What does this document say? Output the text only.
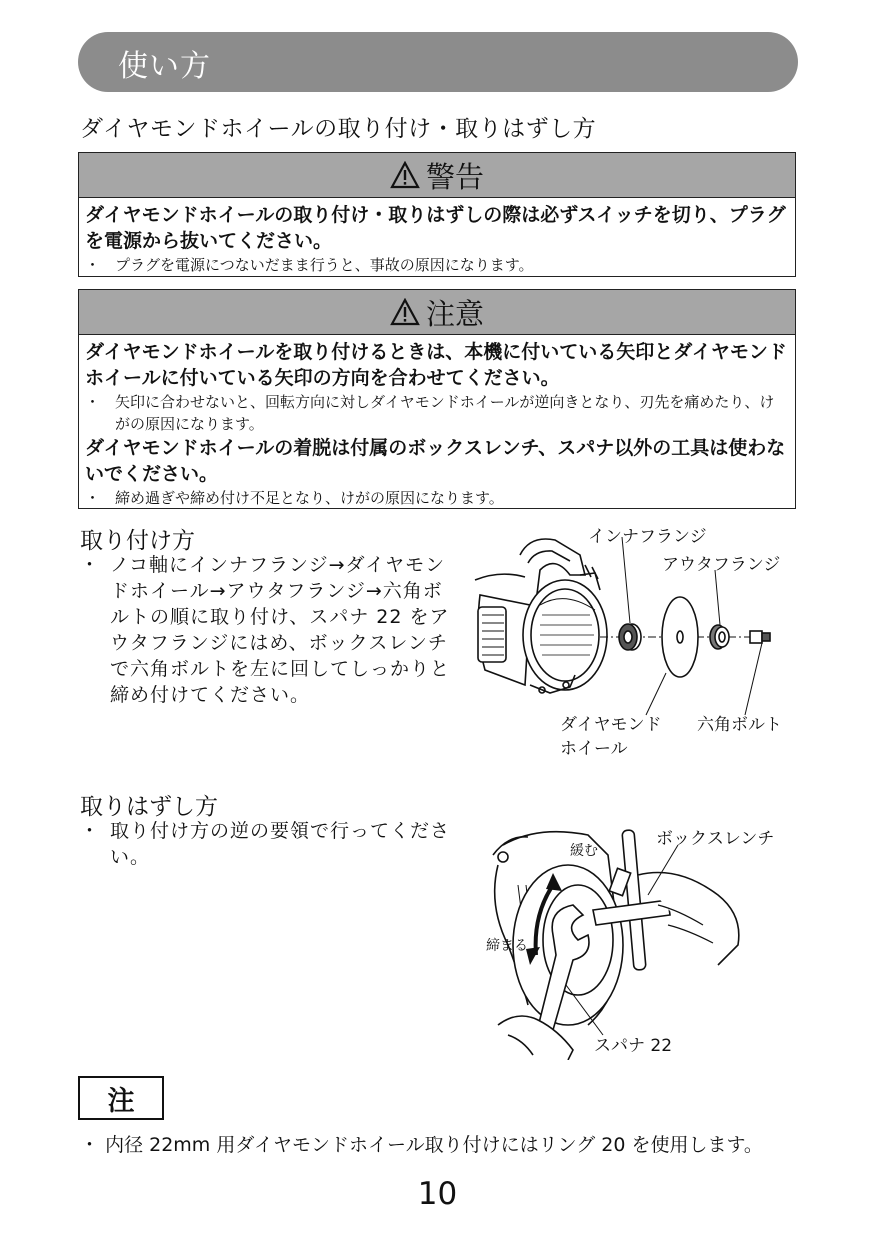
使い方
ダイヤモンドホイールの取り付け・取りはずし方
警告
ダイヤモンドホイールの取り付け・取りはずしの際は必ずスイッチを切り、プラグを電源から抜いてください。
・ プラグを電源につないだまま行うと、事故の原因になります。
注意
ダイヤモンドホイールを取り付けるときは、本機に付いている矢印とダイヤモンドホイールに付いている矢印の方向を合わせてください。
・ 矢印に合わせないと、回転方向に対しダイヤモンドホイールが逆向きとなり、刃先を痛めたり、けがの原因になります。
ダイヤモンドホイールの着脱は付属のボックスレンチ、スパナ以外の工具は使わないでください。
・ 締め過ぎや締め付け不足となり、けがの原因になります。
取り付け方
・ ノコ軸にインナフランジ→ダイヤモンドホイール→アウタフランジ→六角ボルトの順に取り付け、スパナ 22 をアウタフランジにはめ、ボックスレンチで六角ボルトを左に回してしっかりと締め付けてください。
インナフランジ
アウタフランジ
ダイヤモンド
ホイール
六角ボルト
取りはずし方
・ 取り付け方の逆の要領で行ってください。
ボックスレンチ
緩む
締まる
スパナ 22
注
・ 内径 22mm 用ダイヤモンドホイール取り付けにはリング 20 を使用します。
10
